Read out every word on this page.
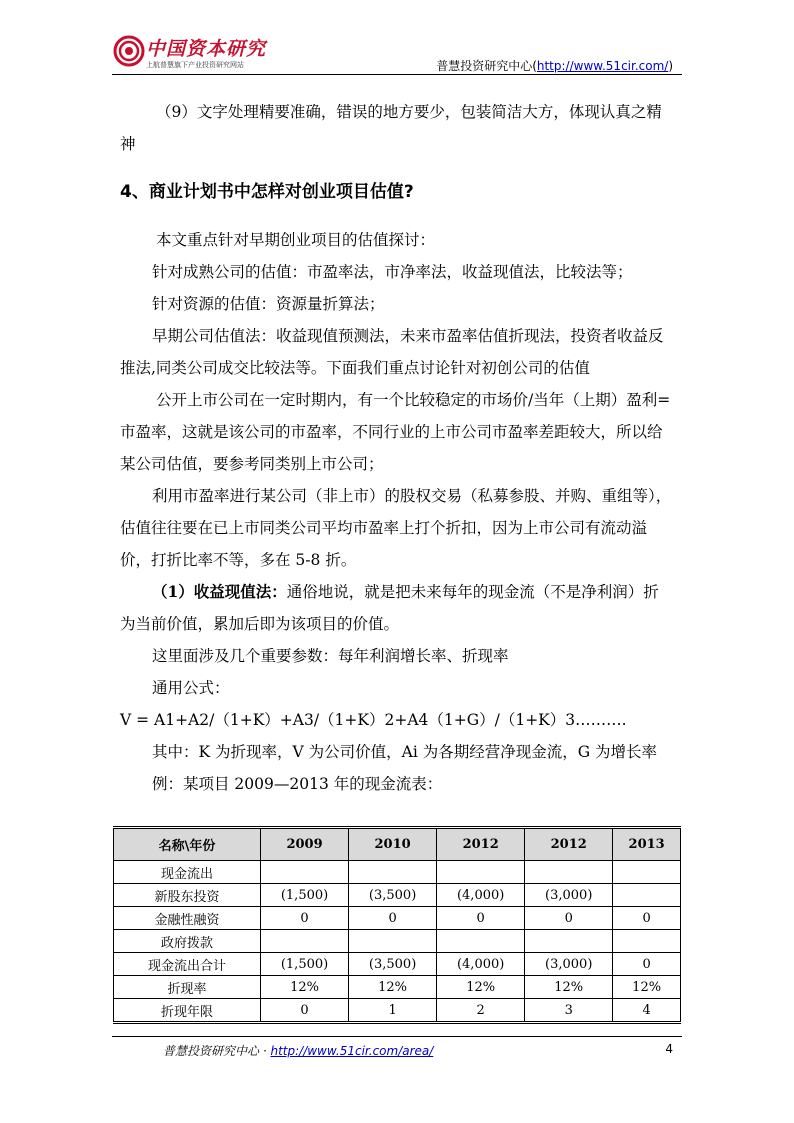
中国资本研究
上航普慧旗下产业投资研究网站	普慧投资研究中心(http://www.51cir.com/)

（9）文字处理精要准确，错误的地方要少，包装简洁大方，体现认真之精神

4、商业计划书中怎样对创业项目估值?

本文重点针对早期创业项目的估值探讨：

针对成熟公司的估值：市盈率法，市净率法，收益现值法，比较法等；

针对资源的估值：资源量折算法；

早期公司估值法：收益现值预测法，未来市盈率估值折现法，投资者收益反推法,同类公司成交比较法等。下面我们重点讨论针对初创公司的估值

公开上市公司在一定时期内，有一个比较稳定的市场价/当年（上期）盈利=市盈率，这就是该公司的市盈率，不同行业的上市公司市盈率差距较大，所以给某公司估值，要参考同类别上市公司；

利用市盈率进行某公司（非上市）的股权交易（私募参股、并购、重组等），估值往往要在已上市同类公司平均市盈率上打个折扣，因为上市公司有流动溢价，打折比率不等，多在 5-8 折。

（1）收益现值法：通俗地说，就是把未来每年的现金流（不是净利润）折为当前价值，累加后即为该项目的价值。

这里面涉及几个重要参数：每年利润增长率、折现率

通用公式：

V = A1+A2/（1+K）+A3/（1+K）2+A4（1+G）/（1+K）3……….

其中：K 为折现率，V 为公司价值，Ai 为各期经营净现金流，G 为增长率

例：某项目 2009—2013 年的现金流表：

名称\年份	2009	2010	2012	2012	2013
现金流出					
新股东投资	(1,500)	(3,500)	(4,000)	(3,000)	
金融性融资	0	0	0	0	0
政府拨款					
现金流出合计	(1,500)	(3,500)	(4,000)	(3,000)	0
折现率	12%	12%	12%	12%	12%
折现年限	0	1	2	3	4
普慧投资研究中心 · http://www.51cir.com/area/	4
